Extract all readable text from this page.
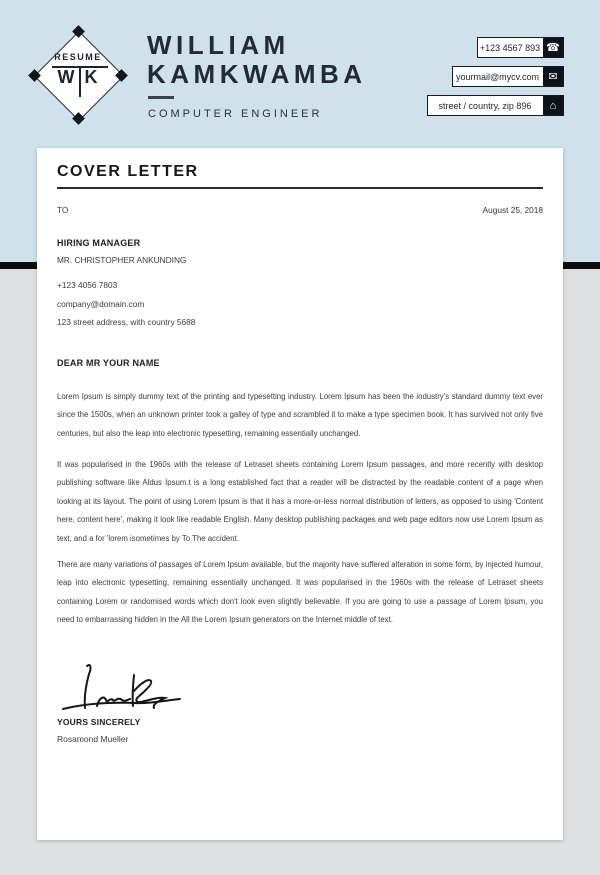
RESUME
W K
WILLIAM
KAMKWAMBA
COMPUTER ENGINEER
+123 4567 893 ☎
yourmail@mycv.com ✉
street / country, zip 896	⌂
COVER LETTER
TO	August 25, 2018
HIRING MANAGER
MR. CHRISTOPHER ANKUNDING
+123 4056 7803
company@domain.com
123 street address, with country 5688
DEAR MR YOUR NAME

Lorem Ipsum is simply dummy text of the printing and typesetting industry. Lorem Ipsum has been the industry's standard dummy text ever since the 1500s, when an unknown printer took a galley of type and scrambled it to make a type specimen book. It has survived not only five centuries, but also the leap into electronic typesetting, remaining essentially unchanged.

It was popularised in the 1960s with the release of Letraset sheets containing Lorem Ipsum passages, and more recently with desktop publishing software like Aldus Ipsum.t is a long established fact that a reader will be distracted by the readable content of a page when looking at its layout. The point of using Lorem Ipsum is that it has a more-or-less normal distribution of letters, as opposed to using 'Content here, content here', making it look like readable English. Many desktop publishing packages and web page editors now use Lorem Ipsum as text, and a for 'lorem isometimes by To The accident.

There are many variations of passages of Lorem Ipsum available, but the majority have suffered alteration in some form, by injected humour, leap into electronic typesetting, remaining essentially unchanged. It was popularised in the 1960s with the release of Letraset sheets containing Lorem or randomised words which don't look even slightly believable. If you are going to use a passage of Lorem Ipsum, you need to embarrassing hidden in the All the Lorem Ipsum generators on the Internet middle of text.

YOURS SINCERELY
Rosamond Mueller
